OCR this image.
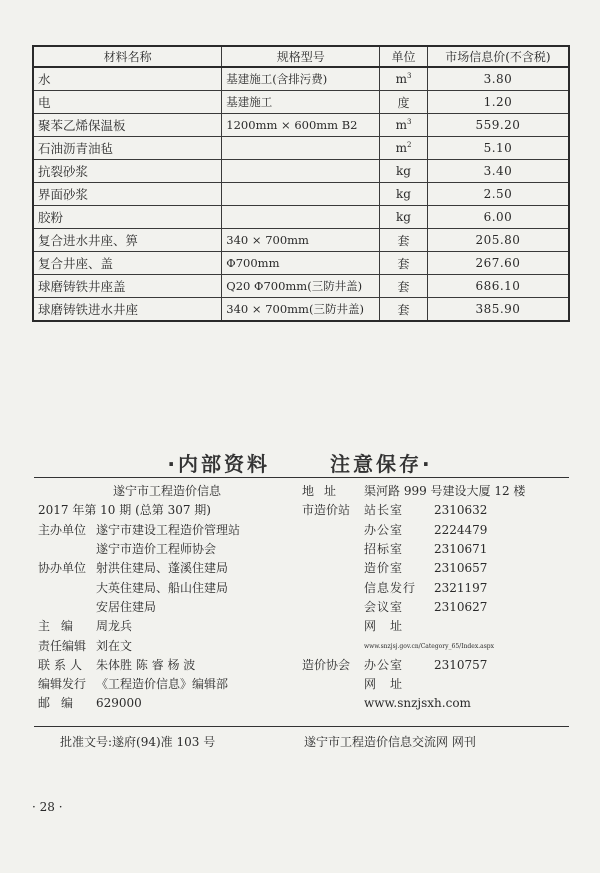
材料名称	规格型号	单位	市场信息价(不含税)
水	基建施工(含排污费)	$m^3$	3.80
电	基建施工	度	1.20
聚苯乙烯保温板	1200mm × 600mm B2	$m^3$	559.20
石油沥青油毡		$m^2$	5.10
抗裂砂浆		kg	3.40
界面砂浆		kg	2.50
胶粉		kg	6.00
复合进水井座、箅	340 × 700mm	套	205.80
复合井座、盖	Φ700mm	套	267.60
球磨铸铁井座盖	Q20 Φ700mm(三防井盖)	套	686.10
球磨铸铁进水井座	340 × 700mm(三防井盖)	套	385.90
·内部资料	注意保存·
遂宁市工程造价信息
2017 年第 10 期 (总第 307 期)
主办单位 遂宁市建设工程造价管理站
遂宁市造价工程师协会
协办单位 射洪住建局、蓬溪住建局
大英住建局、船山住建局
安居住建局
主编 周龙兵
责任编辑 刘在文
联系人 朱体胜 陈 睿 杨 波
编辑发行 《工程造价信息》编辑部
邮编 629000
地址	渠河路 999 号建设大厦 12 楼
市造价站	站长室	2310632
办公室	2224479
招标室	2310671
造价室	2310657
信息发行	2321197
会议室	2310627
网址
www.snzjsj.gov.cn/Category_65/Index.aspx
造价协会	办公室	2310757
网址
www.snzjsxh.com
批准文号:遂府(94)准 103 号	遂宁市工程造价信息交流网 网刊
· 28 ·
